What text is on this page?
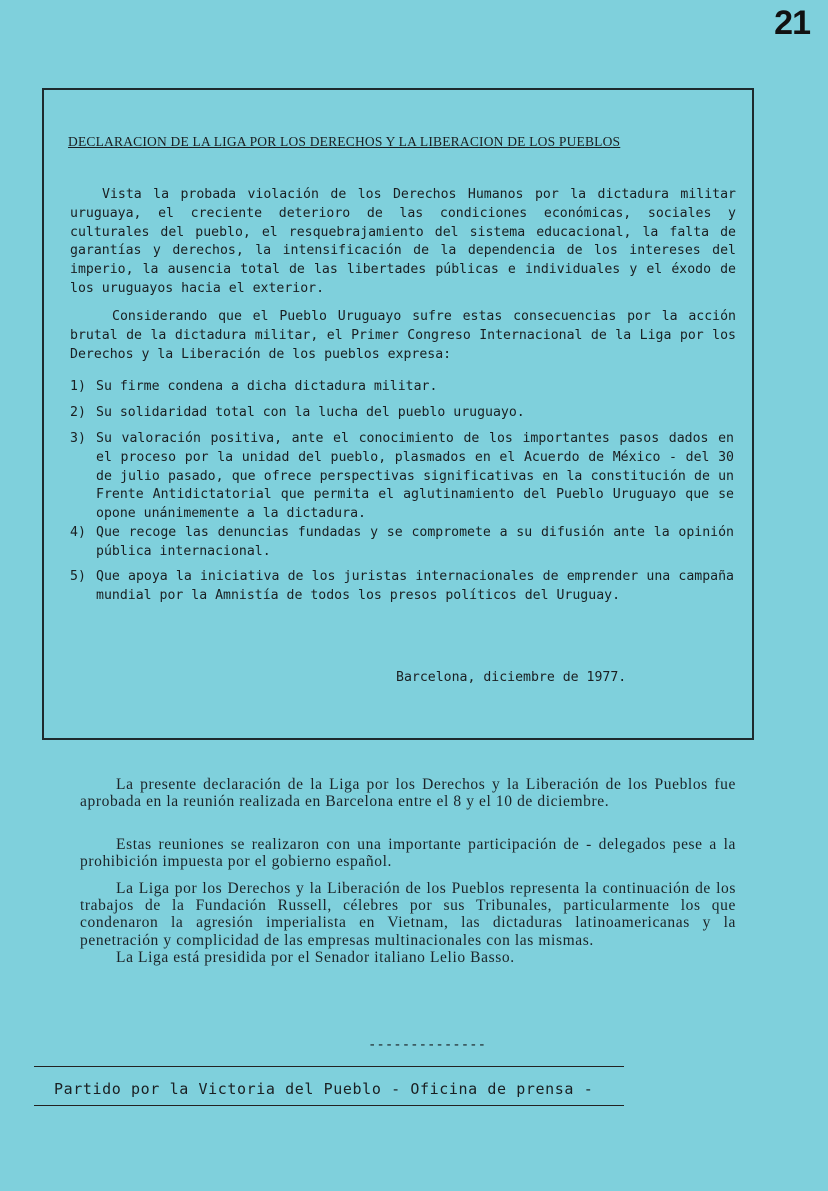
21
DECLARACION DE LA LIGA POR LOS DERECHOS Y LA LIBERACION DE LOS PUEBLOS

Vista la probada violación de los Derechos Humanos por la dictadura militar uruguaya, el creciente deterioro de las condiciones económicas, sociales y culturales del pueblo, el resquebrajamiento del sistema educacional, la falta de garantías y derechos, la intensificación de la dependencia de los intereses del imperio, la ausencia total de las libertades públicas e individuales y el éxodo de los uruguayos hacia el exterior.

Considerando que el Pueblo Uruguayo sufre estas consecuencias por la acción brutal de la dictadura militar, el Primer Congreso Internacional de la Liga por los Derechos y la Liberación de los pueblos expresa:

1) Su firme condena a dicha dictadura militar.
2) Su solidaridad total con la lucha del pueblo uruguayo.
3) Su valoración positiva, ante el conocimiento de los importantes pasos dados en el proceso por la unidad del pueblo, plasmados en el Acuerdo de México - del 30 de julio pasado, que ofrece perspectivas significativas en la constitución de un Frente Antidictatorial que permita el aglutinamiento del Pueblo Uruguayo que se opone unánimemente a la dictadura.
4) Que recoge las denuncias fundadas y se compromete a su difusión ante la opinión pública internacional.
5) Que apoya la iniciativa de los juristas internacionales de emprender una campaña mundial por la Amnistía de todos los presos políticos del Uruguay.
Barcelona, diciembre de 1977.

La presente declaración de la Liga por los Derechos y la Liberación de los Pueblos fue aprobada en la reunión realizada en Barcelona entre el 8 y el 10 de diciembre.

Estas reuniones se realizaron con una importante participación de - delegados pese a la prohibición impuesta por el gobierno español.

La Liga por los Derechos y la Liberación de los Pueblos representa la continuación de los trabajos de la Fundación Russell, célebres por sus Tribunales, particularmente los que condenaron la agresión imperialista en Vietnam, las dictaduras latinoamericanas y la penetración y complicidad de las empresas multinacionales con las mismas.

La Liga está presidida por el Senador italiano Lelio Basso.

--------------
Partido por la Victoria del Pueblo - Oficina de prensa -
